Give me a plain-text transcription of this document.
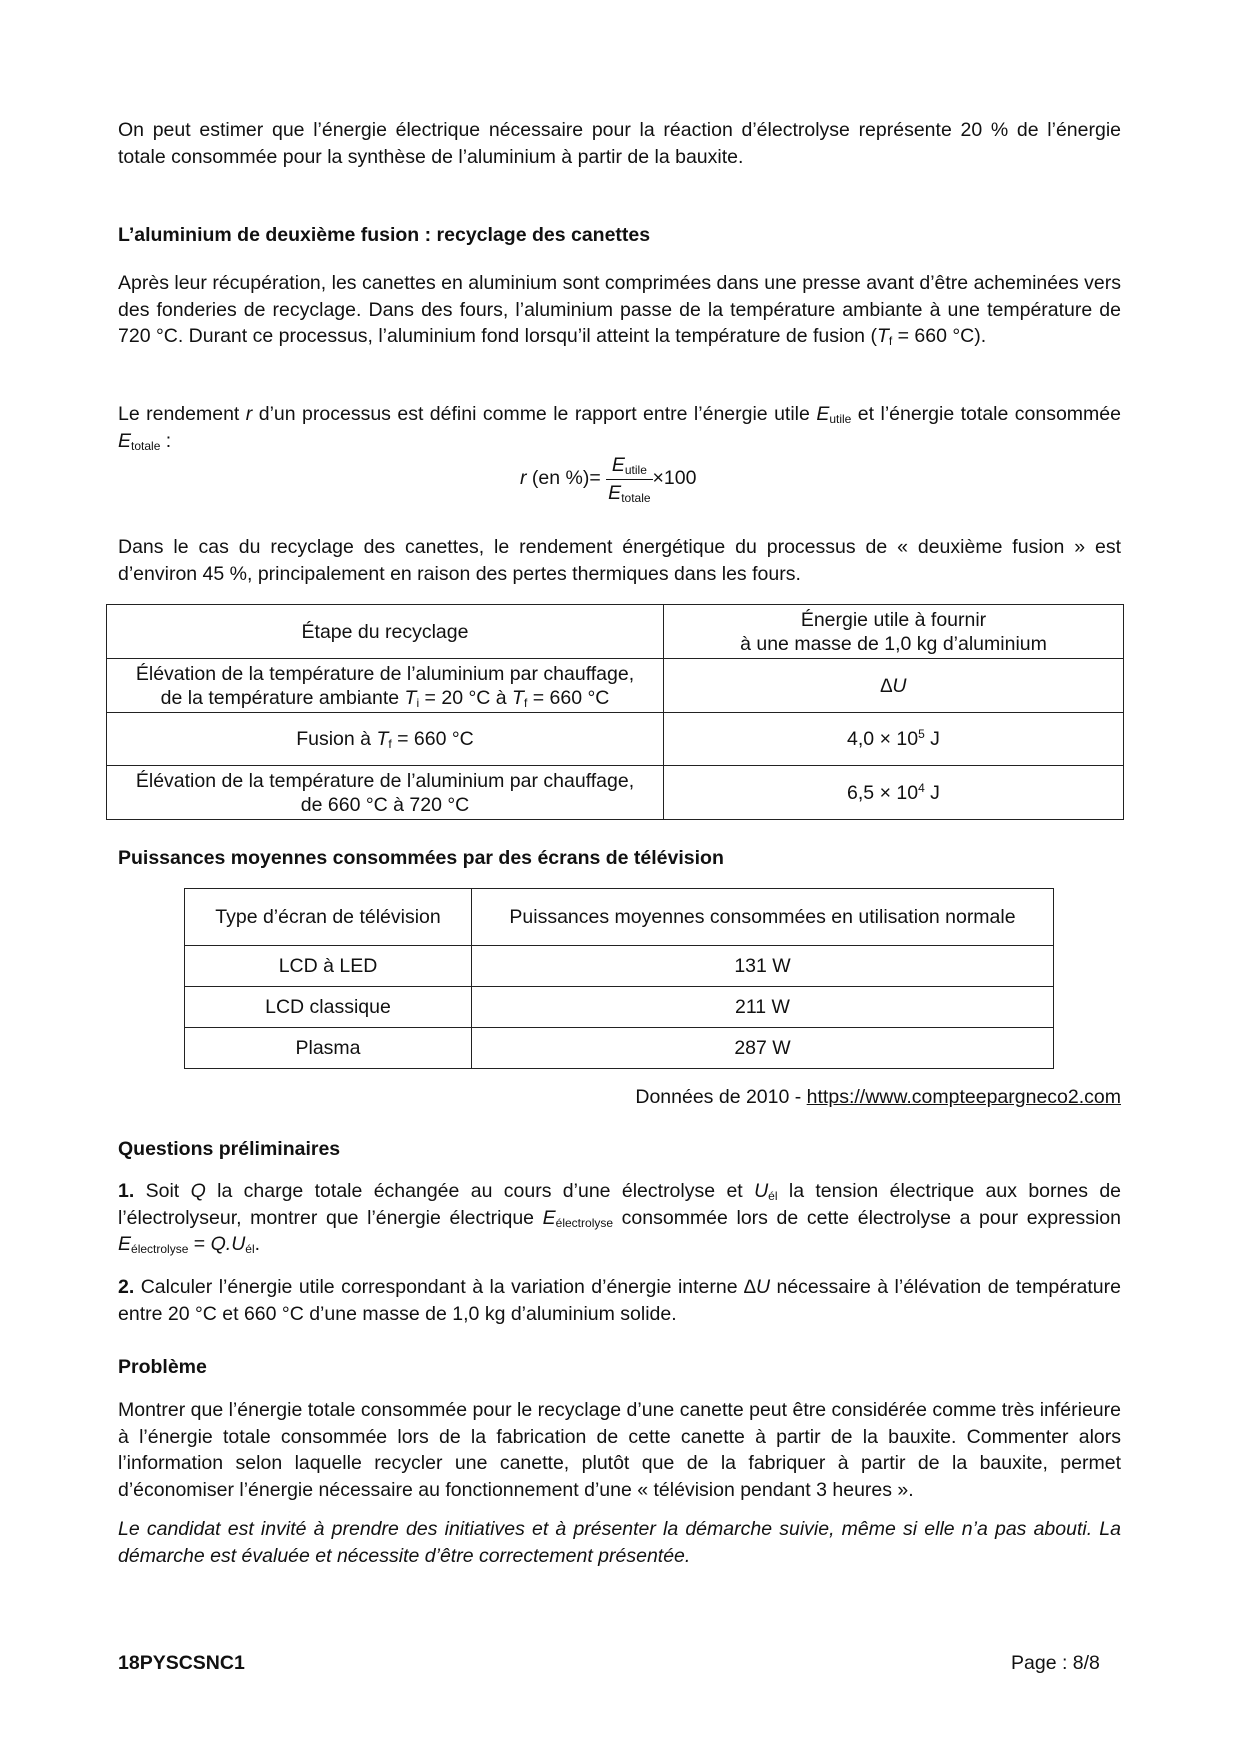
On peut estimer que l’énergie électrique nécessaire pour la réaction d’électrolyse représente 20 % de l’énergie totale consommée pour la synthèse de l’aluminium à partir de la bauxite.
L’aluminium de deuxième fusion : recyclage des canettes
Après leur récupération, les canettes en aluminium sont comprimées dans une presse avant d’être acheminées vers des fonderies de recyclage. Dans des fours, l’aluminium passe de la température ambiante à une température de 720 °C. Durant ce processus, l’aluminium fond lorsqu’il atteint la température de fusion ($T_f = 660$ °C).
Le rendement r d’un processus est défini comme le rapport entre l’énergie utile $E_{utile}$ et l’énergie totale consommée $E_{totale}$ :
r (en %)= $\frac{E_{utile}}{E_{totale}} \times 100$
Dans le cas du recyclage des canettes, le rendement énergétique du processus de « deuxième fusion » est d’environ 45 %, principalement en raison des pertes thermiques dans les fours.
Étape du recyclage	Énergie utile à fournir
à une masse de 1,0 kg d’aluminium
Élévation de la température de l’aluminium par chauffage,
de la température ambiante $T_i = 20$ °C à $T_f = 660$ °C	∆U
Fusion à $T_f = 660$ °C	$4,0 \times 10^5$ J
Élévation de la température de l’aluminium par chauffage,
de 660 °C à 720 °C	$6,5 \times 10^4$ J
Puissances moyennes consommées par des écrans de télévision
Type d’écran de télévision	Puissances moyennes consommées en utilisation normale
LCD à LED	131 W
LCD classique	211 W
Plasma	287 W
Données de 2010 - https://www.compteepargneco2.com
Questions préliminaires
1. Soit Q la charge totale échangée au cours d’une électrolyse et $U_{él}$ la tension électrique aux bornes de l’électrolyseur, montrer que l’énergie électrique $E_{électrolyse}$ consommée lors de cette électrolyse a pour expression $E_{électrolyse} = Q.U_{él}$.
2. Calculer l’énergie utile correspondant à la variation d’énergie interne ∆U nécessaire à l’élévation de température entre 20 °C et 660 °C d’une masse de 1,0 kg d’aluminium solide.
Problème
Montrer que l’énergie totale consommée pour le recyclage d’une canette peut être considérée comme très inférieure à l’énergie totale consommée lors de la fabrication de cette canette à partir de la bauxite. Commenter alors l’information selon laquelle recycler une canette, plutôt que de la fabriquer à partir de la bauxite, permet d’économiser l’énergie nécessaire au fonctionnement d’une « télévision pendant 3 heures ».
Le candidat est invité à prendre des initiatives et à présenter la démarche suivie, même si elle n’a pas abouti. La démarche est évaluée et nécessite d’être correctement présentée.
18PYSCSNC1	Page : 8/8
